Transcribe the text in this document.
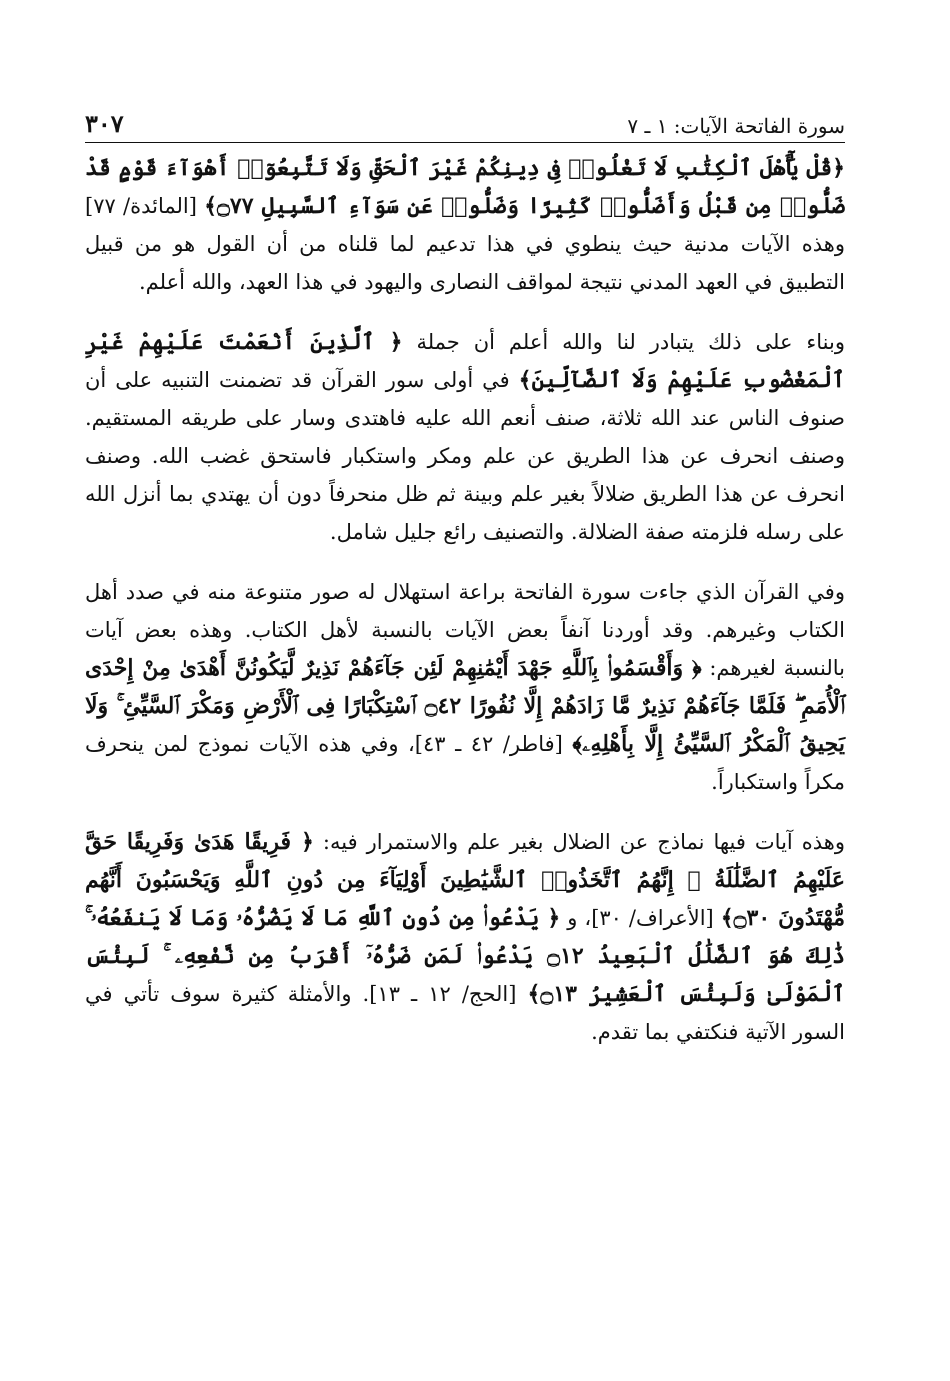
سورة الفاتحة الآيات: ١ ـ ٧
٣٠٧

﴿قُلْ يَٰٓأَهْلَ ٱلْكِتَٰبِ لَا تَغْلُوا۟ فِى دِينِكُمْ غَيْرَ ٱلْحَقِّ وَلَا تَتَّبِعُوٓا۟ أَهْوَآءَ قَوْمٍ قَدْ ضَلُّوا۟ مِن قَبْلُ وَأَضَلُّوا۟ كَثِيرًا وَضَلُّوا۟ عَن سَوَآءِ ٱلسَّبِيلِ ۝٧٧﴾ [المائدة/ ٧٧] وهذه الآيات مدنية حيث ينطوي في هذا تدعيم لما قلناه من أن القول هو من قبيل التطبيق في العهد المدني نتيجة لمواقف النصارى واليهود في هذا العهد، والله أعلم.

وبناء على ذلك يتبادر لنا والله أعلم أن جملة ﴿ ٱلَّذِينَ أَنْعَمْتَ عَلَيْهِمْ غَيْرِ ٱلْمَغْضُوبِ عَلَيْهِمْ وَلَا ٱلضَّآلِّينَ﴾ في أولى سور القرآن قد تضمنت التنبيه على أن صنوف الناس عند الله ثلاثة، صنف أنعم الله عليه فاهتدى وسار على طريقه المستقيم. وصنف انحرف عن هذا الطريق عن علم ومكر واستكبار فاستحق غضب الله. وصنف انحرف عن هذا الطريق ضلالاً بغير علم وبينة ثم ظل منحرفاً دون أن يهتدي بما أنزل الله على رسله فلزمته صفة الضلالة. والتصنيف رائع جليل شامل.

وفي القرآن الذي جاءت سورة الفاتحة براعة استهلال له صور متنوعة منه في صدد أهل الكتاب وغيرهم. وقد أوردنا آنفاً بعض الآيات بالنسبة لأهل الكتاب. وهذه بعض آيات بالنسبة لغيرهم: ﴿ وَأَقْسَمُوا۟ بِٱللَّهِ جَهْدَ أَيْمَٰنِهِمْ لَئِن جَآءَهُمْ نَذِيرٌ لَّيَكُونُنَّ أَهْدَىٰ مِنْ إِحْدَى ٱلْأُمَمِ ۖ فَلَمَّا جَآءَهُمْ نَذِيرٌ مَّا زَادَهُمْ إِلَّا نُفُورًا ۝٤٢ ٱسْتِكْبَارًا فِى ٱلْأَرْضِ وَمَكْرَ ٱلسَّيِّئِ ۚ وَلَا يَحِيقُ ٱلْمَكْرُ ٱلسَّيِّئُ إِلَّا بِأَهْلِهِۦ﴾ [فاطر/ ٤٢ ـ ٤٣]، وفي هذه الآيات نموذج لمن ينحرف مكراً واستكباراً.

وهذه آيات فيها نماذج عن الضلال بغير علم والاستمرار فيه: ﴿ فَرِيقًا هَدَىٰ وَفَرِيقًا حَقَّ عَلَيْهِمُ ٱلضَّلَٰلَةُ ۗ إِنَّهُمُ ٱتَّخَذُوا۟ ٱلشَّيَٰطِينَ أَوْلِيَآءَ مِن دُونِ ٱللَّهِ وَيَحْسَبُونَ أَنَّهُم مُّهْتَدُونَ ۝٣٠﴾ [الأعراف/ ٣٠]، و ﴿ يَدْعُوا۟ مِن دُونِ ٱللَّهِ مَا لَا يَضُرُّهُۥ وَمَا لَا يَنفَعُهُۥ ۚ ذَٰلِكَ هُوَ ٱلضَّلَٰلُ ٱلْبَعِيدُ ۝١٢ يَدْعُوا۟ لَمَن ضَرُّهُۥٓ أَقْرَبُ مِن نَّفْعِهِۦ ۚ لَبِئْسَ ٱلْمَوْلَىٰ وَلَبِئْسَ ٱلْعَشِيرُ ۝١٣﴾ [الحج/ ١٢ ـ ١٣]. والأمثلة كثيرة سوف تأتي في السور الآتية فنكتفي بما تقدم.
